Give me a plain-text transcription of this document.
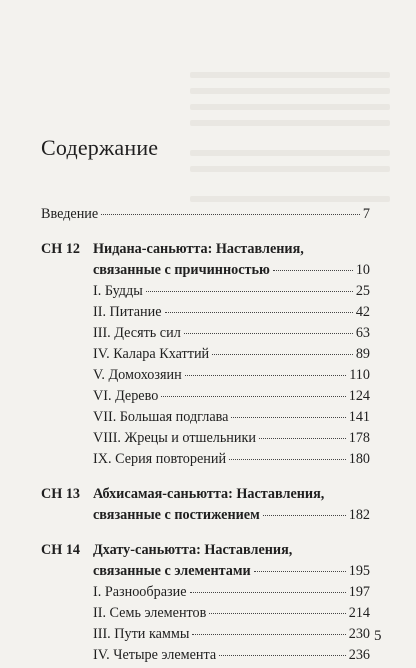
Содержание
Введение	7
СН 12 Нидана-саньютта: Наставления,
связанные с причинностью	10
I. Будды	25
II. Питание	42
III. Десять сил	63
IV. Калара Кхаттий	89
V. Домохозяин	110
VI. Дерево	124
VII. Большая подглава	141
VIII. Жрецы и отшельники	178
IX. Серия повторений	180
СН 13 Абхисамая-саньютта: Наставления,
связанные с постижением	182
СН 14 Дхату-саньютта: Наставления,
связанные с элементами	195
I. Разнообразие	197
II. Семь элементов	214
III. Пути каммы	230
IV. Четыре элемента	236
5
